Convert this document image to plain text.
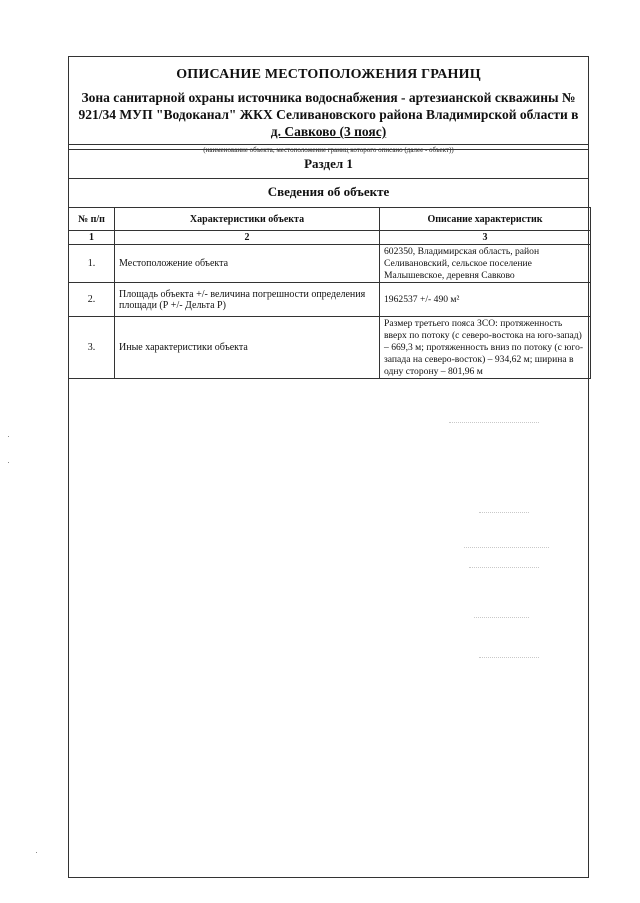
ОПИСАНИЕ МЕСТОПОЛОЖЕНИЯ ГРАНИЦ
Зона санитарной охраны источника водоснабжения - артезианской скважины №
921/34 МУП "Водоканал" ЖКХ Селивановского района Владимирской области в
д. Савково (3 пояс)
(наименование объекта, местоположение границ которого описано (далее - объект))
Раздел 1
Сведения об объекте
№ п/п	Характеристики объекта	Описание характеристик
1	2	3
1.	Местоположение объекта	602350, Владимирская область, район Селивановский, сельское поселение Малышевское, деревня Савково
2.	Площадь объекта +/- величина погрешности определения площади (Р +/- Дельта Р)	1962537 +/- 490 м²
3.	Иные характеристики объекта	Размер третьего пояса ЗСО: протяженность вверх по потоку (с северо-востока на юго-запад) – 669,3 м; протяженность вниз по потоку (с юго-запада на северо-восток) – 934,62 м; ширина в одну сторону – 801,96 м
